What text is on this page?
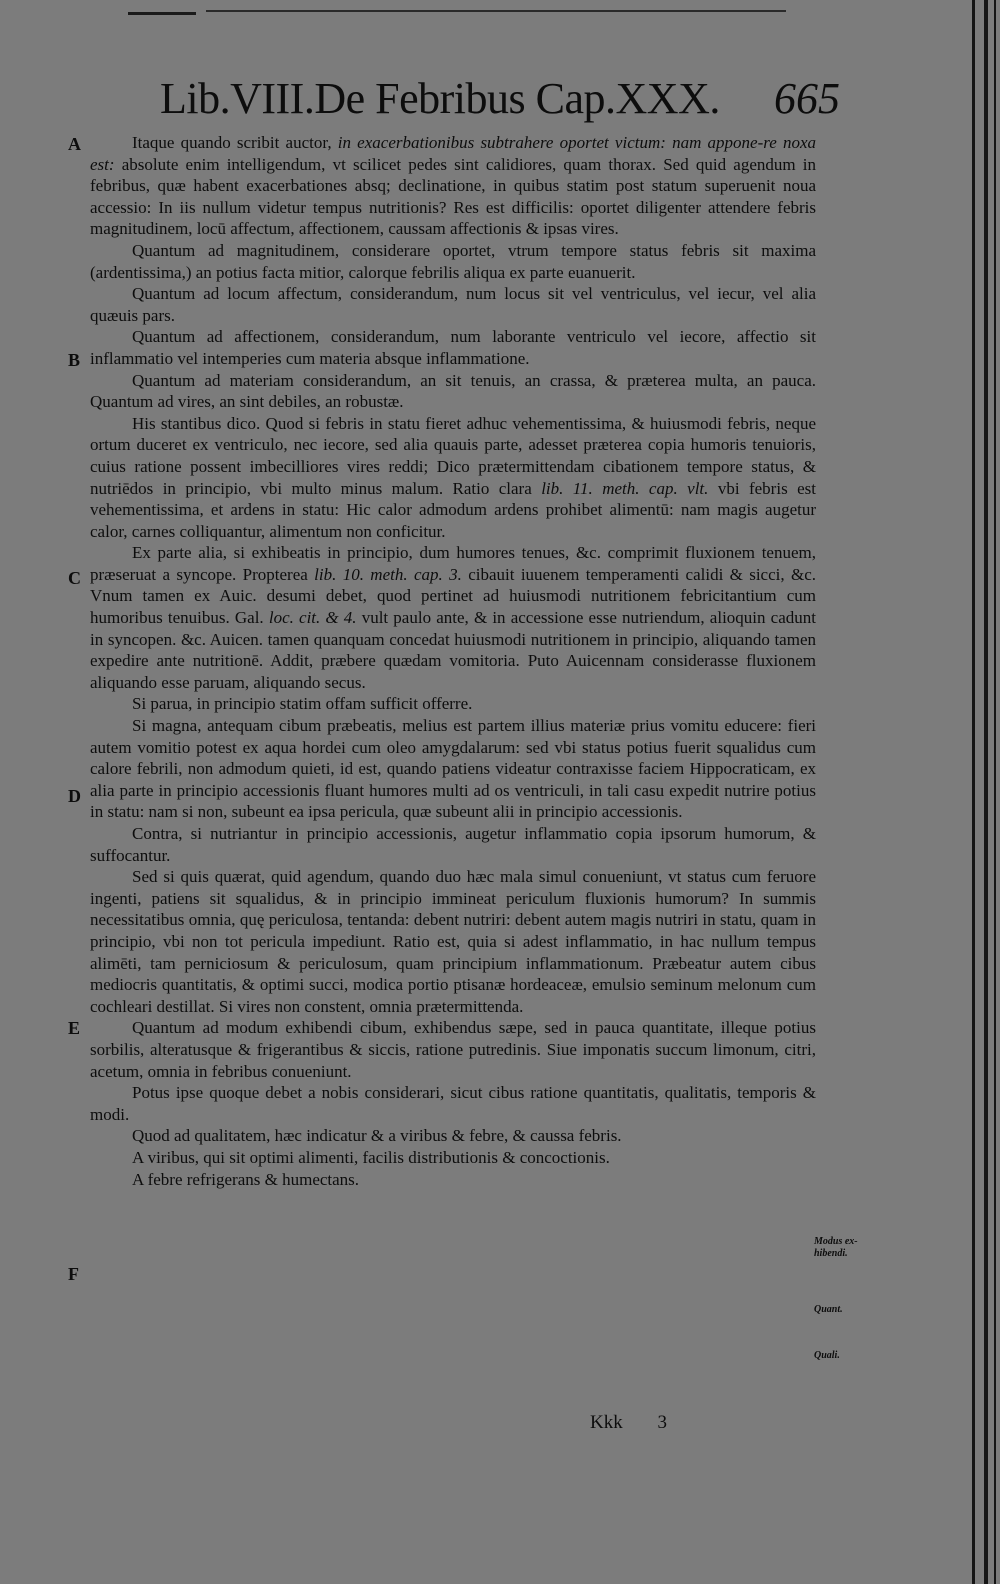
Lib.VIII.De Febribus Cap.XXX. 665
A
B
C
D
E
F
Modus ex-hibendi.
Quant.
Quali.

Itaque quando scribit auctor, in exacerbationibus subtrahere oportet victum: nam appone-re noxa est: absolute enim intelligendum, vt scilicet pedes sint calidiores, quam thorax. Sed quid agendum in febribus, quæ habent exacerbationes absq; declinatione, in quibus statim post statum superuenit noua accessio: In iis nullum videtur tempus nutritionis? Res est difficilis: oportet diligenter attendere febris magnitudinem, locū affectum, affectionem, caussam affectionis & ipsas vires.

Quantum ad magnitudinem, considerare oportet, vtrum tempore status febris sit maxima (ardentissima,) an potius facta mitior, calorque febrilis aliqua ex parte euanuerit.

Quantum ad locum affectum, considerandum, num locus sit vel ventriculus, vel iecur, vel alia quæuis pars.

Quantum ad affectionem, considerandum, num laborante ventriculo vel iecore, affectio sit inflammatio vel intemperies cum materia absque inflammatione.

Quantum ad materiam considerandum, an sit tenuis, an crassa, & præterea multa, an pauca. Quantum ad vires, an sint debiles, an robustæ.

His stantibus dico. Quod si febris in statu fieret adhuc vehementissima, & huiusmodi febris, neque ortum duceret ex ventriculo, nec iecore, sed alia quauis parte, adesset præterea copia humoris tenuioris, cuius ratione possent imbecilliores vires reddi; Dico prætermittendam cibationem tempore status, & nutriēdos in principio, vbi multo minus malum. Ratio clara lib. 11. meth. cap. vlt. vbi febris est vehementissima, et ardens in statu: Hic calor admodum ardens prohibet alimentū: nam magis augetur calor, carnes colliquantur, alimentum non conficitur.

Ex parte alia, si exhibeatis in principio, dum humores tenues, &c. comprimit fluxionem tenuem, præseruat a syncope. Propterea lib. 10. meth. cap. 3. cibauit iuuenem temperamenti calidi & sicci, &c. Vnum tamen ex Auic. desumi debet, quod pertinet ad huiusmodi nutritionem febricitantium cum humoribus tenuibus. Gal. loc. cit. & 4. vult paulo ante, & in accessione esse nutriendum, alioquin cadunt in syncopen. &c. Auicen. tamen quanquam concedat huiusmodi nutritionem in principio, aliquando tamen expedire ante nutritionē. Addit, præbere quædam vomitoria. Puto Auicennam considerasse fluxionem aliquando esse paruam, aliquando secus.

Si parua, in principio statim offam sufficit offerre.

Si magna, antequam cibum præbeatis, melius est partem illius materiæ prius vomitu educere: fieri autem vomitio potest ex aqua hordei cum oleo amygdalarum: sed vbi status potius fuerit squalidus cum calore febrili, non admodum quieti, id est, quando patiens videatur contraxisse faciem Hippocraticam, ex alia parte in principio accessionis fluant humores multi ad os ventriculi, in tali casu expedit nutrire potius in statu: nam si non, subeunt ea ipsa pericula, quæ subeunt alii in principio accessionis.

Contra, si nutriantur in principio accessionis, augetur inflammatio copia ipsorum humorum, & suffocantur.

Sed si quis quærat, quid agendum, quando duo hæc mala simul conueniunt, vt status cum feruore ingenti, patiens sit squalidus, & in principio immineat periculum fluxionis humorum? In summis necessitatibus omnia, quę periculosa, tentanda: debent nutriri: debent autem magis nutriri in statu, quam in principio, vbi non tot pericula impediunt. Ratio est, quia si adest inflammatio, in hac nullum tempus alimēti, tam perniciosum & periculosum, quam principium inflammationum. Præbeatur autem cibus mediocris quantitatis, & optimi succi, modica portio ptisanæ hordeaceæ, emulsio seminum melonum cum cochleari destillat. Si vires non constent, omnia prætermittenda.

Quantum ad modum exhibendi cibum, exhibendus sæpe, sed in pauca quantitate, illeque potius sorbilis, alteratusque & frigerantibus & siccis, ratione putredinis. Siue imponatis succum limonum, citri, acetum, omnia in febribus conueniunt.

Potus ipse quoque debet a nobis considerari, sicut cibus ratione quantitatis, qualitatis, temporis & modi.

Quod ad qualitatem, hæc indicatur & a viribus & febre, & caussa febris.

A viribus, qui sit optimi alimenti, facilis distributionis & concoctionis.

A febre refrigerans & humectans.

Kkk 3
